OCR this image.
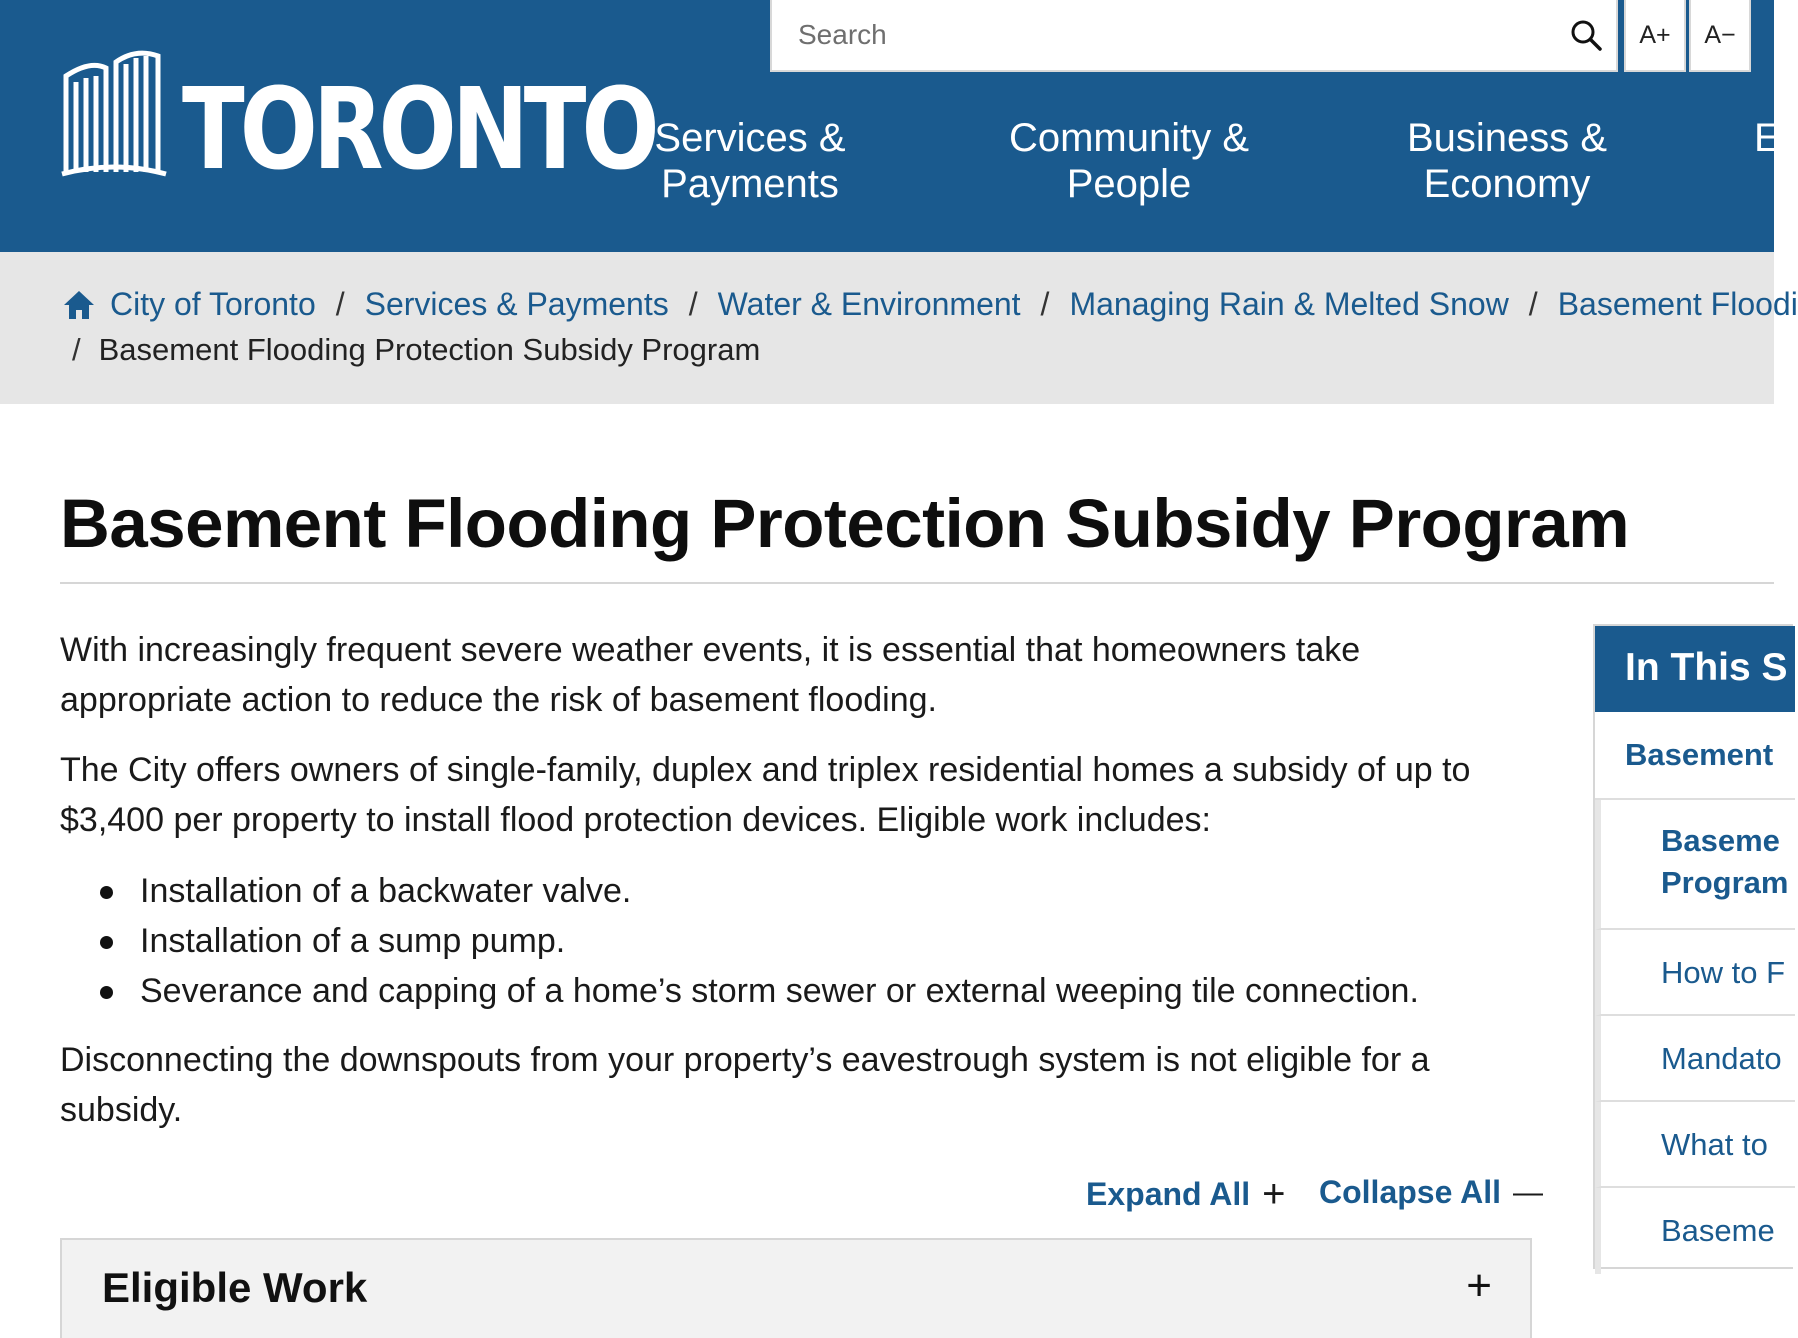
TORONTO
Search
A+	A−
Services &
Payments
Community &
People
Business &
Economy
E
City of Toronto / Services & Payments / Water & Environment / Managing Rain & Melted Snow / Basement Floodi
/ Basement Flooding Protection Subsidy Program
Basement Flooding Protection Subsidy Program

With increasingly frequent severe weather events, it is essential that homeowners take appropriate action to reduce the risk of basement flooding.

The City offers owners of single-family, duplex and triplex residential homes a subsidy of up to $3,400 per property to install flood protection devices. Eligible work includes:

Installation of a backwater valve.
Installation of a sump pump.
Severance and capping of a home’s storm sewer or external weeping tile connection.

Disconnecting the downspouts from your property’s eavestrough system is not eligible for a subsidy.

Expand All + Collapse All —
Eligible Work	+
In This S
Basement
Baseme
Program
How to F
Mandato
What to
Baseme
